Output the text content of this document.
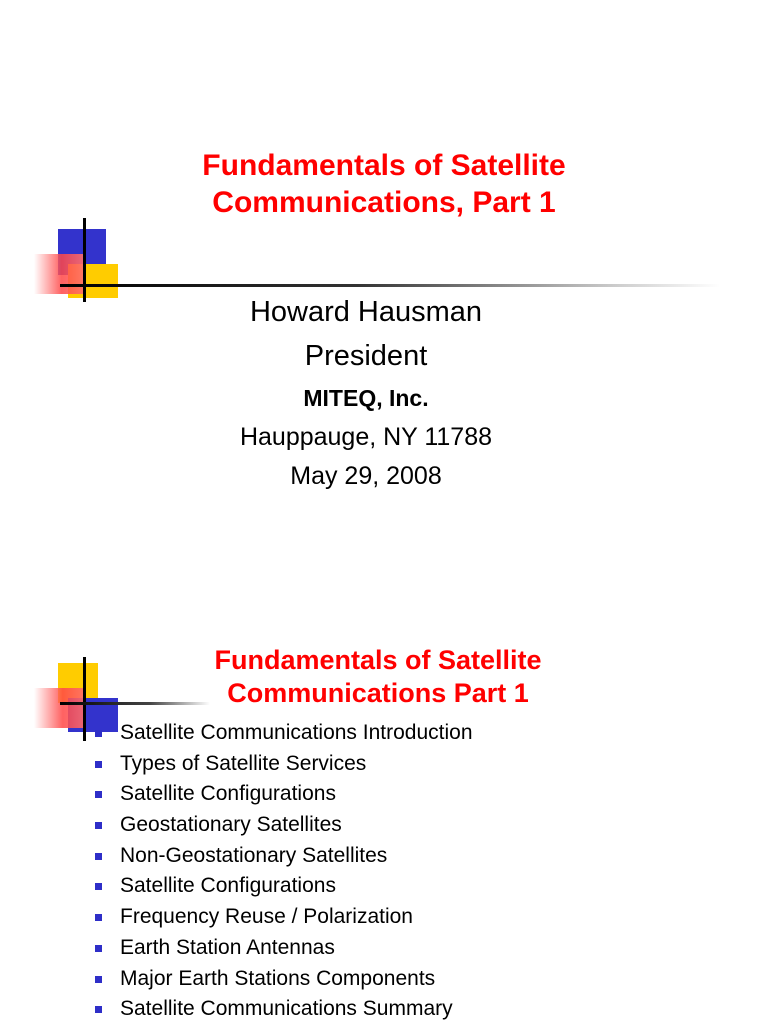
Fundamentals of Satellite
Communications, Part 1
Howard Hausman
President
MITEQ, Inc.
Hauppauge, NY 11788
May 29, 2008
Fundamentals of Satellite
Communications Part 1
Satellite Communications Introduction
Types of Satellite Services
Satellite Configurations
Geostationary Satellites
Non-Geostationary Satellites
Satellite Configurations
Frequency Reuse / Polarization
Earth Station Antennas
Major Earth Stations Components
Satellite Communications Summary
